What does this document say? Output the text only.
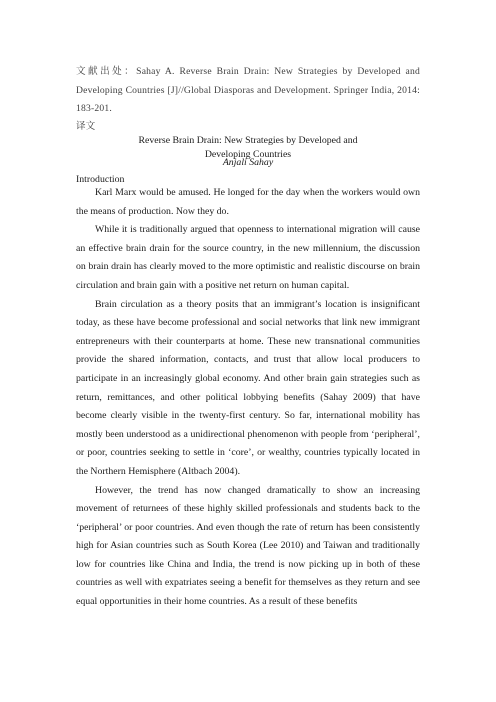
文献出处：Sahay A. Reverse Brain Drain: New Strategies by Developed and Developing Countries [J]//Global Diasporas and Development. Springer India, 2014: 183-201.
译文
Reverse Brain Drain: New Strategies by Developed and
Developing Countries
Anjali Sahay
Introduction

Karl Marx would be amused. He longed for the day when the workers would own the means of production. Now they do.

While it is traditionally argued that openness to international migration will cause an effective brain drain for the source country, in the new millennium, the discussion on brain drain has clearly moved to the more optimistic and realistic discourse on brain circulation and brain gain with a positive net return on human capital.

Brain circulation as a theory posits that an immigrant’s location is insignificant today, as these have become professional and social networks that link new immigrant entrepreneurs with their counterparts at home. These new transnational communities provide the shared information, contacts, and trust that allow local producers to participate in an increasingly global economy. And other brain gain strategies such as return, remittances, and other political lobbying benefits (Sahay 2009) that have become clearly visible in the twenty-first century. So far, international mobility has mostly been understood as a unidirectional phenomenon with people from ‘peripheral’, or poor, countries seeking to settle in ‘core’, or wealthy, countries typically located in the Northern Hemisphere (Altbach 2004).

However, the trend has now changed dramatically to show an increasing movement of returnees of these highly skilled professionals and students back to the ‘peripheral’ or poor countries. And even though the rate of return has been consistently high for Asian countries such as South Korea (Lee 2010) and Taiwan and traditionally low for countries like China and India, the trend is now picking up in both of these countries as well with expatriates seeing a benefit for themselves as they return and see equal opportunities in their home countries. As a result of these benefits
